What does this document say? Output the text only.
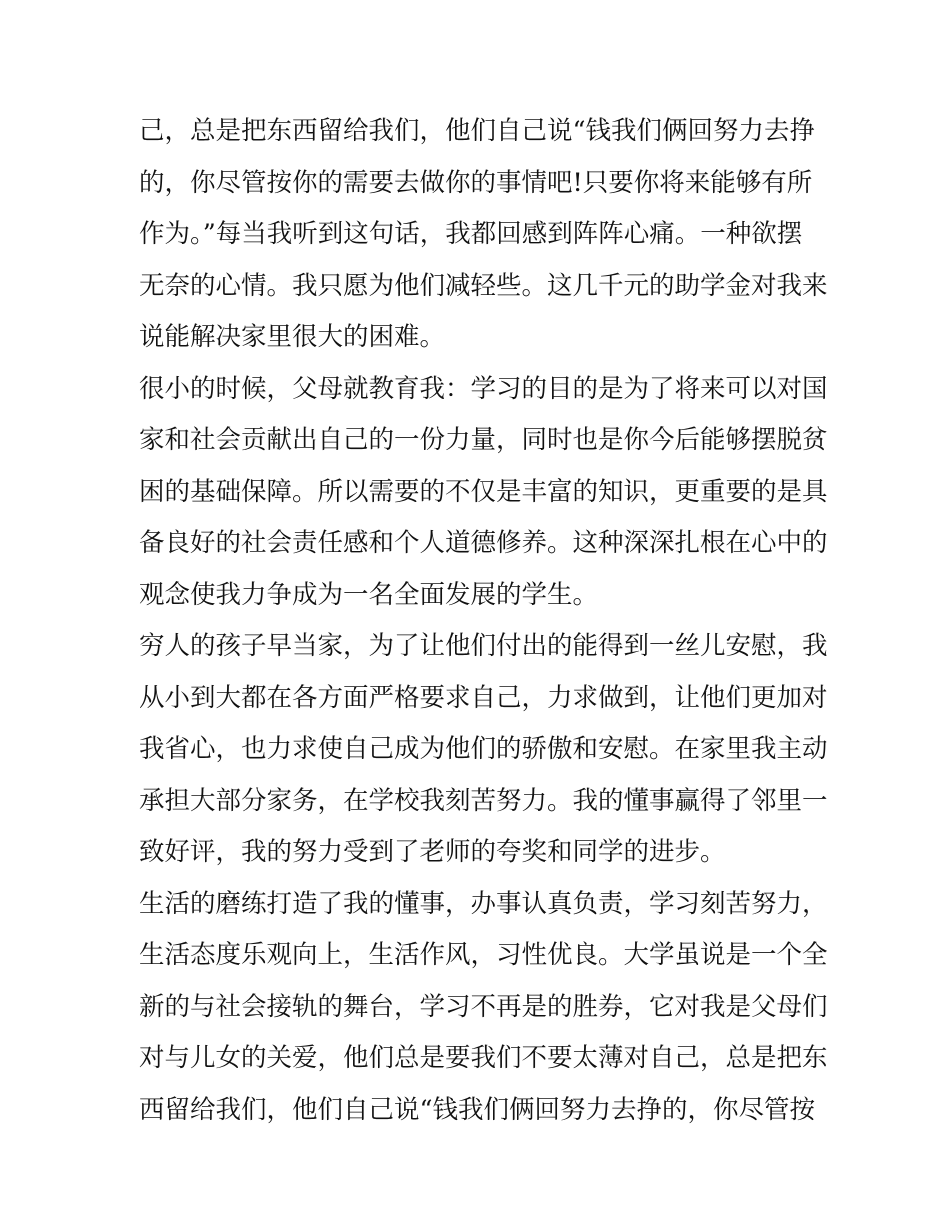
己，总是把东西留给我们，他们自己说“钱我们俩回努力去挣
的，你尽管按你的需要去做你的事情吧!只要你将来能够有所
作为。”每当我听到这句话，我都回感到阵阵心痛。一种欲摆
无奈的心情。我只愿为他们减轻些。这几千元的助学金对我来
说能解决家里很大的困难。
很小的时候，父母就教育我：学习的目的是为了将来可以对国
家和社会贡献出自己的一份力量，同时也是你今后能够摆脱贫
困的基础保障。所以需要的不仅是丰富的知识，更重要的是具
备良好的社会责任感和个人道德修养。这种深深扎根在心中的
观念使我力争成为一名全面发展的学生。
穷人的孩子早当家，为了让他们付出的能得到一丝儿安慰，我
从小到大都在各方面严格要求自己，力求做到，让他们更加对
我省心，也力求使自己成为他们的骄傲和安慰。在家里我主动
承担大部分家务，在学校我刻苦努力。我的懂事赢得了邻里一
致好评，我的努力受到了老师的夸奖和同学的进步。
生活的磨练打造了我的懂事，办事认真负责，学习刻苦努力，
生活态度乐观向上，生活作风，习性优良。大学虽说是一个全
新的与社会接轨的舞台，学习不再是的胜券，它对我是父母们
对与儿女的关爱，他们总是要我们不要太薄对自己，总是把东
西留给我们，他们自己说“钱我们俩回努力去挣的，你尽管按
